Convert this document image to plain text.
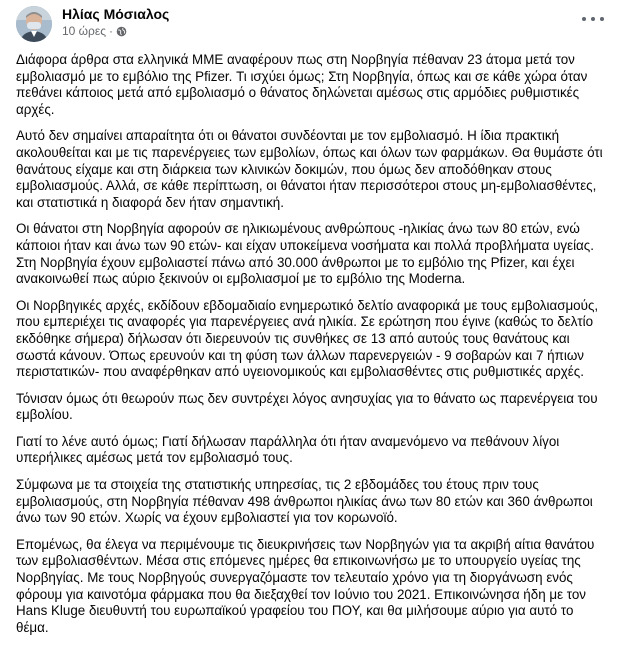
Ηλίας Μόσιαλος
10 ώρες ·

Διάφορα άρθρα στα ελληνικά ΜΜΕ αναφέρουν πως στη Νορβηγία πέθαναν 23 άτομα μετά τον εμβολιασμό με το εμβόλιο της Pfizer. Τι ισχύει όμως; Στη Νορβηγία, όπως και σε κάθε χώρα όταν πεθάνει κάποιος μετά από εμβολιασμό ο θάνατος δηλώνεται αμέσως στις αρμόδιες ρυθμιστικές αρχές.

Αυτό δεν σημαίνει απαραίτητα ότι οι θάνατοι συνδέονται με τον εμβολιασμό. Η ίδια πρακτική ακολουθείται και με τις παρενέργειες των εμβολίων, όπως και όλων των φαρμάκων. Θα θυμάστε ότι θανάτους είχαμε και στη διάρκεια των κλινικών δοκιμών, που όμως δεν αποδόθηκαν στους εμβολιασμούς. Αλλά, σε κάθε περίπτωση, οι θάνατοι ήταν περισσότεροι στους μη-εμβολιασθέντες, και στατιστικά η διαφορά δεν ήταν σημαντική.

Οι θάνατοι στη Νορβηγία αφορούν σε ηλικιωμένους ανθρώπους -ηλικίας άνω των 80 ετών, ενώ κάποιοι ήταν και άνω των 90 ετών- και είχαν υποκείμενα νοσήματα και πολλά προβλήματα υγείας. Στη Νορβηγία έχουν εμβολιαστεί πάνω από 30.000 άνθρωποι με το εμβόλιο της Pfizer, και έχει ανακοινωθεί πως αύριο ξεκινούν οι εμβολιασμοί με το εμβόλιο της Moderna.

Οι Νορβηγικές αρχές, εκδίδουν εβδομαδιαίο ενημερωτικό δελτίο αναφορικά με τους εμβολιασμούς, που εμπεριέχει τις αναφορές για παρενέργειες ανά ηλικία. Σε ερώτηση που έγινε (καθώς το δελτίο εκδόθηκε σήμερα) δήλωσαν ότι διερευνούν τις συνθήκες σε 13 από αυτούς τους θανάτους και σωστά κάνουν. Όπως ερευνούν και τη φύση των άλλων παρενεργειών - 9 σοβαρών και 7 ήπιων περιστατικών- που αναφέρθηκαν από υγειονομικούς και εμβολιασθέντες στις ρυθμιστικές αρχές.

Τόνισαν όμως ότι θεωρούν πως δεν συντρέχει λόγος ανησυχίας για το θάνατο ως παρενέργεια του εμβολίου.

Γιατί το λένε αυτό όμως; Γιατί δήλωσαν παράλληλα ότι ήταν αναμενόμενο να πεθάνουν λίγοι υπερήλικες αμέσως μετά τον εμβολιασμό τους.

Σύμφωνα με τα στοιχεία της στατιστικής υπηρεσίας, τις 2 εβδομάδες του έτους πριν τους εμβολιασμούς, στη Νορβηγία πέθαναν 498 άνθρωποι ηλικίας άνω των 80 ετών και 360 άνθρωποι άνω των 90 ετών. Χωρίς να έχουν εμβολιαστεί για τον κορωνοϊό.

Επομένως, θα έλεγα να περιμένουμε τις διευκρινήσεις των Νορβηγών για τα ακριβή αίτια θανάτου των εμβολιασθέντων. Μέσα στις επόμενες ημέρες θα επικοινωνήσω με το υπουργείο υγείας της Νορβηγίας. Με τους Νορβηγούς συνεργαζόμαστε τον τελευταίο χρόνο για τη διοργάνωση ενός φόρουμ για καινοτόμα φάρμακα που θα διεξαχθεί τον Ιούνιο του 2021. Επικοινώνησα ήδη με τον Hans Kluge διευθυντή του ευρωπαϊκού γραφείου του ΠΟΥ, και θα μιλήσουμε αύριο για αυτό το θέμα.
